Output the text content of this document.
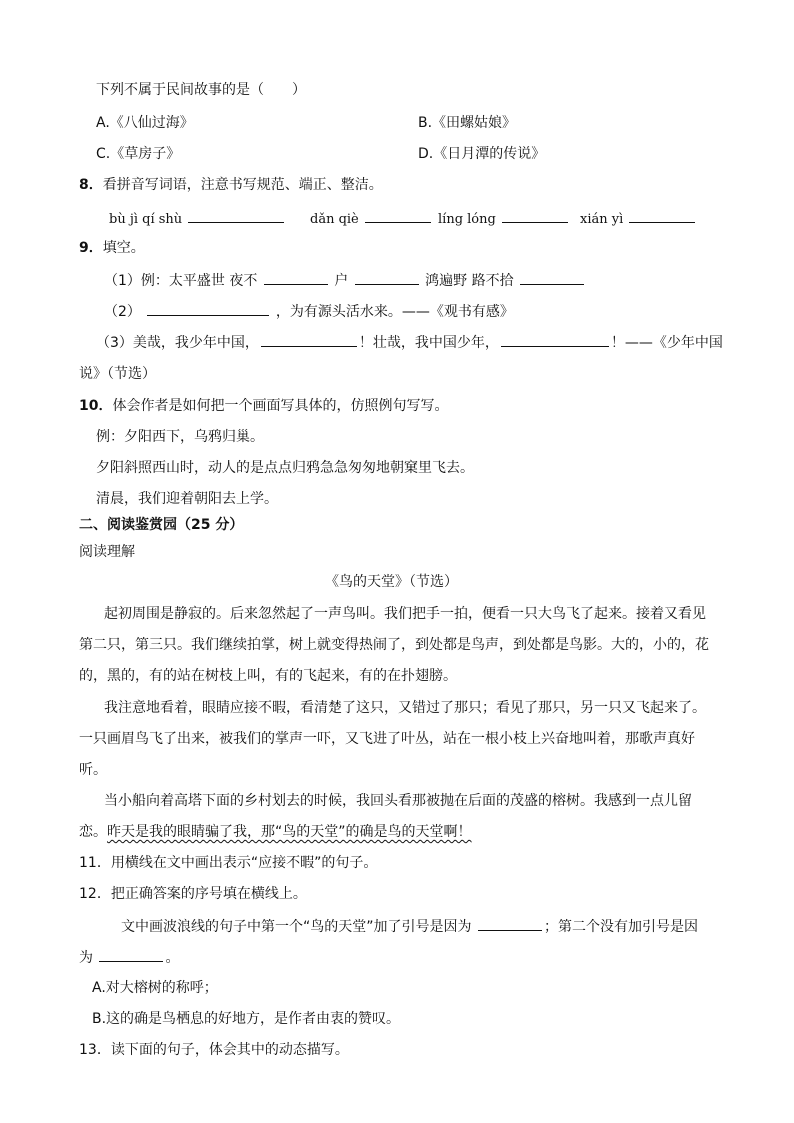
下列不属于民间故事的是（　　）
A.《八仙过海》	B.《田螺姑娘》
C.《草房子》	D.《日月潭的传说》
8．看拼音写词语，注意书写规范、端正、整洁。
bù jì qí shù	dǎn qiè	líng lóng	xián yì
9．填空。
（1）例：太平盛世 夜不	户	鸿遍野 路不拾
（2）	，为有源头活水来。——《观书有感》
（3）美哉，我少年中国，	！壮哉，我中国少年，	！——《少年中国
说》（节选）
10．体会作者是如何把一个画面写具体的，仿照例句写写。
例：夕阳西下，乌鸦归巢。
夕阳斜照西山时，动人的是点点归鸦急急匆匆地朝窠里飞去。
清晨，我们迎着朝阳去上学。
二、阅读鉴赏园（25 分）
阅读理解
《鸟的天堂》（节选）
起初周围是静寂的。后来忽然起了一声鸟叫。我们把手一拍，便看一只大鸟飞了起来。接着又看见
第二只，第三只。我们继续拍掌，树上就变得热闹了，到处都是鸟声，到处都是鸟影。大的，小的，花
的，黑的，有的站在树枝上叫，有的飞起来，有的在扑翅膀。
我注意地看着，眼睛应接不暇，看清楚了这只，又错过了那只；看见了那只，另一只又飞起来了。
一只画眉鸟飞了出来，被我们的掌声一吓，又飞进了叶丛，站在一根小枝上兴奋地叫着，那歌声真好
听。
当小船向着高塔下面的乡村划去的时候，我回头看那被抛在后面的茂盛的榕树。我感到一点儿留
恋。昨天是我的眼睛骗了我，那“鸟的天堂”的确是鸟的天堂啊！
11．用横线在文中画出表示“应接不暇”的句子。
12．把正确答案的序号填在横线上。
文中画波浪线的句子中第一个“鸟的天堂”加了引号是因为	；第二个没有加引号是因
为	。
A.对大榕树的称呼；
B.这的确是鸟栖息的好地方，是作者由衷的赞叹。
13．读下面的句子，体会其中的动态描写。
